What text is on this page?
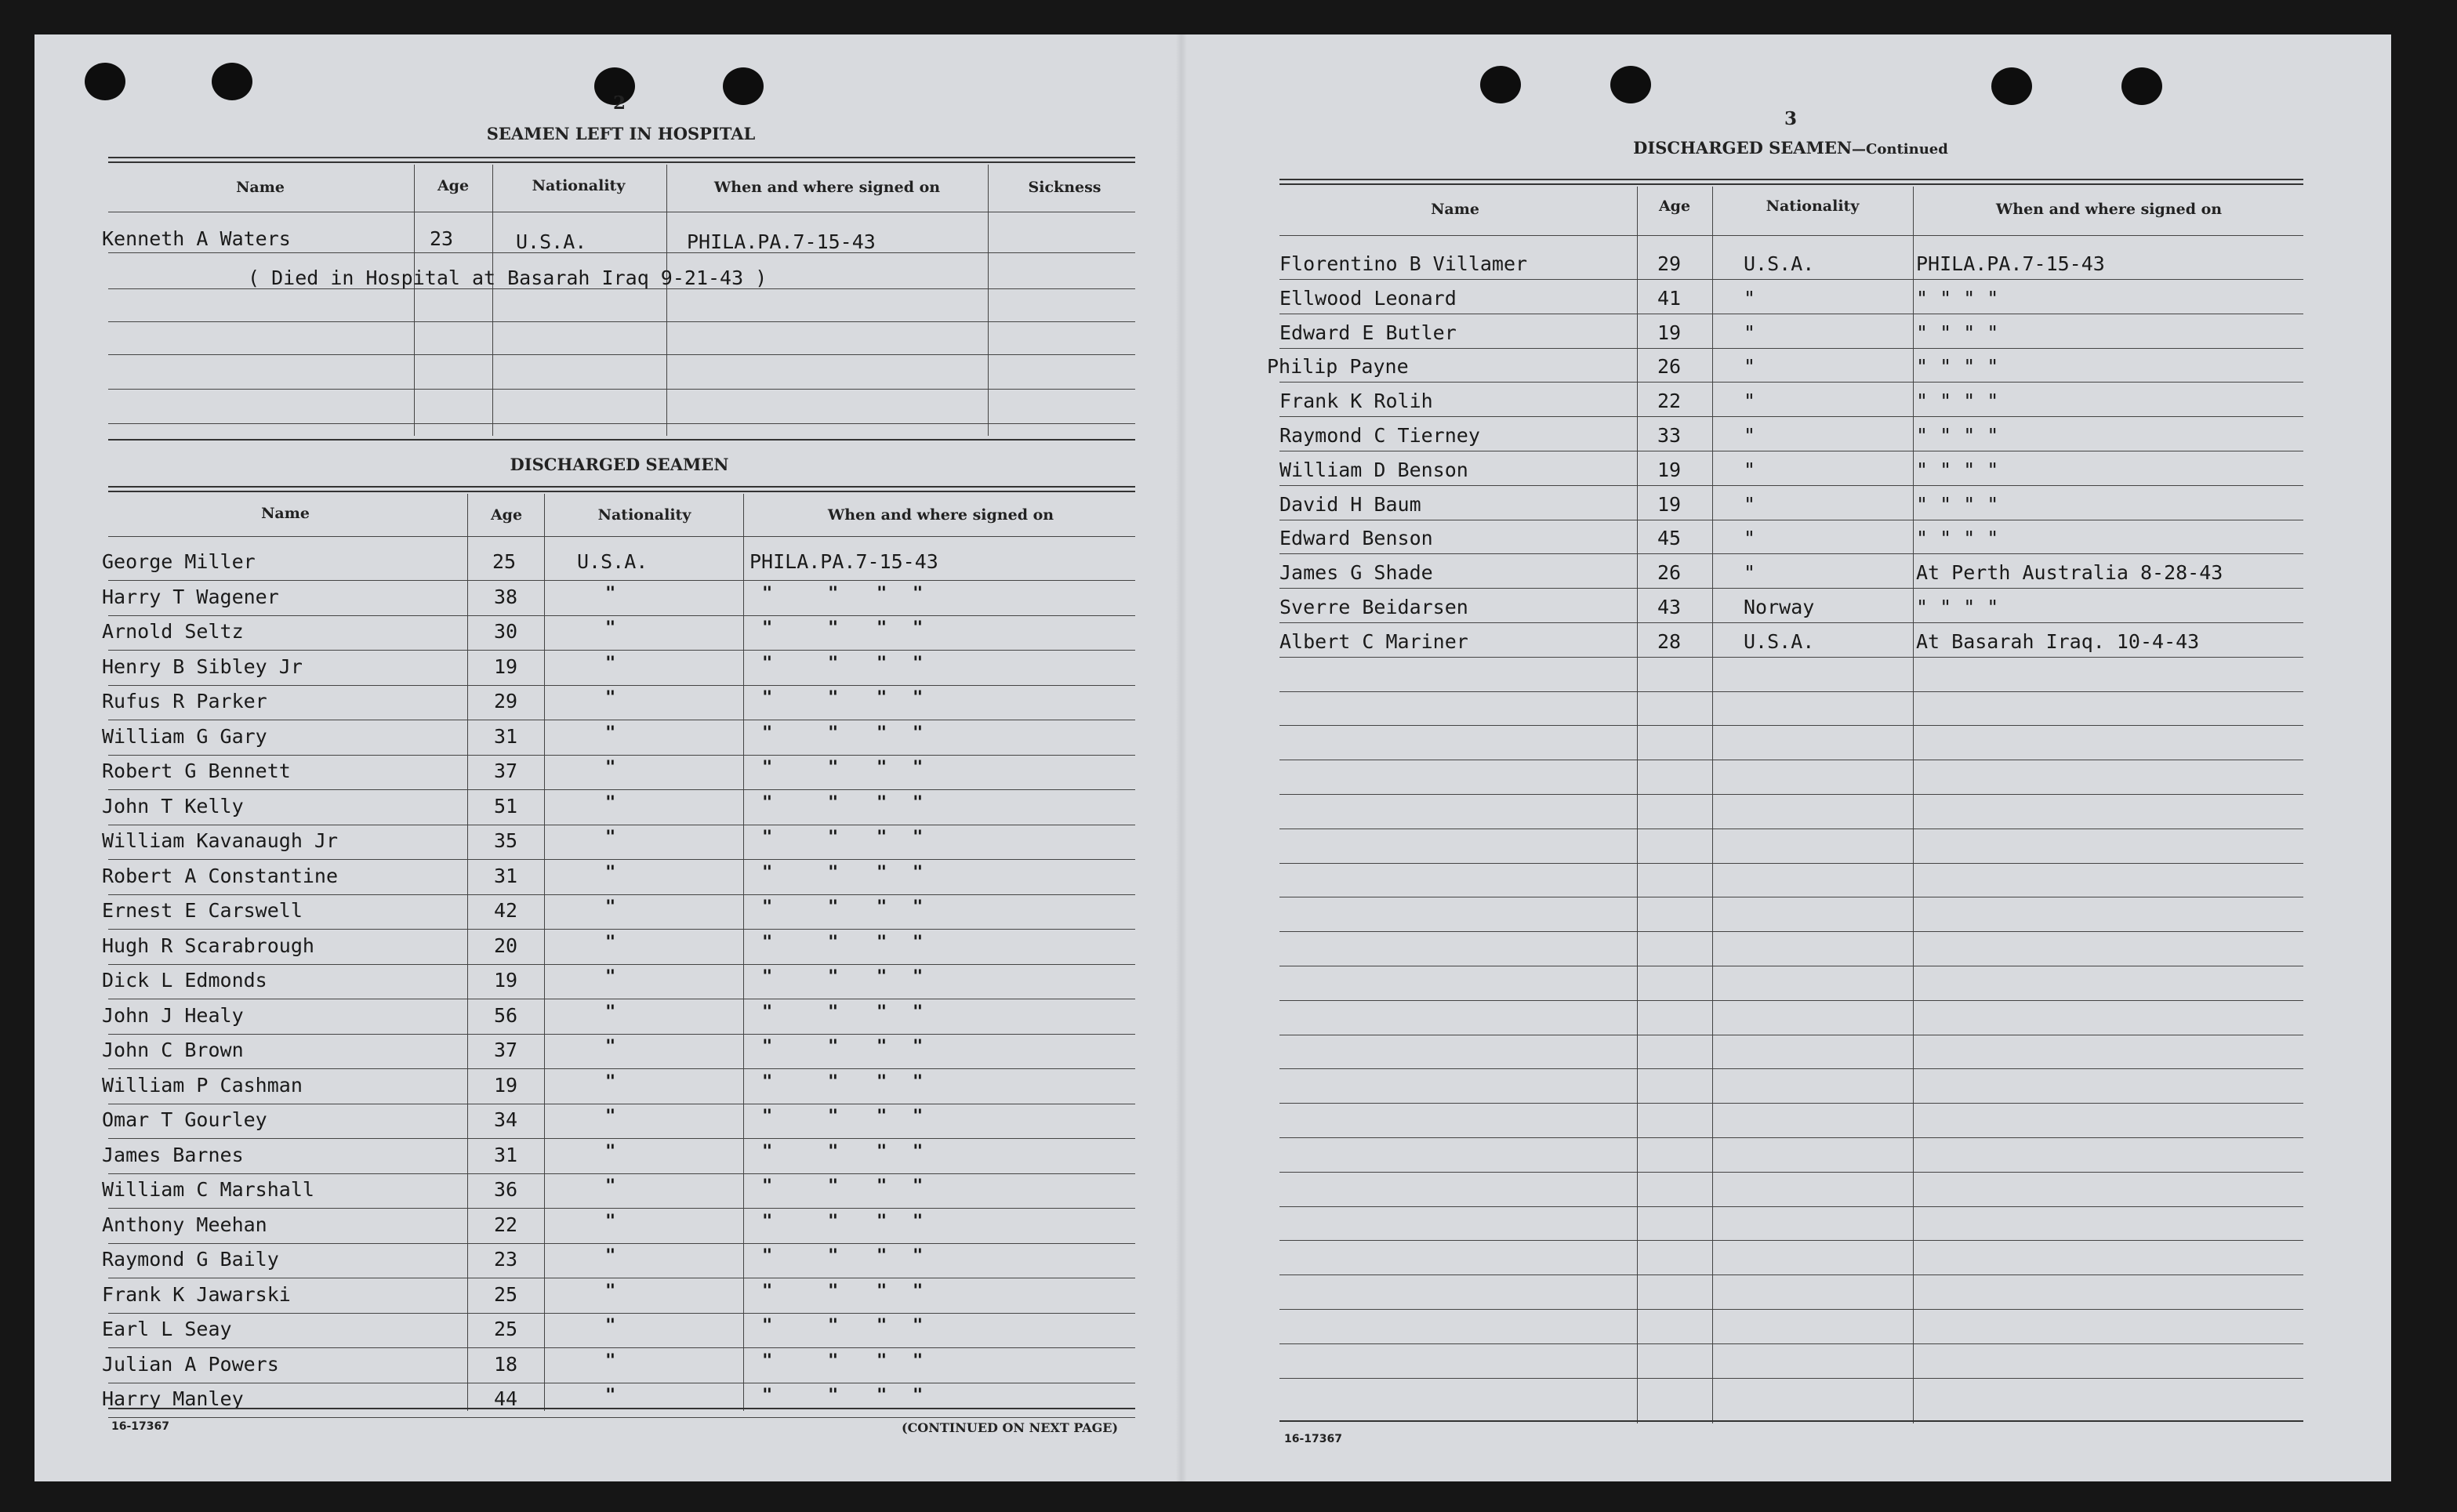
2
SEAMEN LEFT IN HOSPITAL
Name	Age	Nationality	When and where signed on	Sickness
Kenneth A Waters	23	U.S.A.	PHILA.PA.7-15-43
( Died in Hospital at Basarah Iraq 9-21-43 )
DISCHARGED SEAMEN
Name	Age	Nationality	When and where signed on
George Miller	25	U.S.A.	PHILA.PA.7-15-43
Harry T Wagener	38	"	"	" " "
Arnold Seltz	30	"	"	" " "
Henry B Sibley Jr	19	"	"	" " "
Rufus R Parker	29	"	"	" " "
William G Gary	31	"	"	" " "
Robert G Bennett	37	"	"	" " "
John T Kelly	51	"	"	" " "
William Kavanaugh Jr	35	"	"	" " "
Robert A Constantine	31	"	"	" " "
Ernest E Carswell	42	"	"	" " "
Hugh R Scarabrough	20	"	"	" " "
Dick L Edmonds	19	"	"	" " "
John J Healy	56	"	"	" " "
John C Brown	37	"	"	" " "
William P Cashman	19	"	"	" " "
Omar T Gourley	34	"	"	" " "
James Barnes	31	"	"	" " "
William C Marshall	36	"	"	" " "
Anthony Meehan	22	"	"	" " "
Raymond G Baily	23	"	"	" " "
Frank K Jawarski	25	"	"	" " "
Earl L Seay	25	"	"	" " "
Julian A Powers	18	"	"	" " "
Harry Manley	44	"	"	" " "
16-17367	(CONTINUED ON NEXT PAGE)
3
DISCHARGED SEAMEN—Continued
Name	Age	Nationality	When and where signed on
Florentino B Villamer	29	U.S.A.	PHILA.PA.7-15-43
Ellwood Leonard	41	"	" " " "
Edward E Butler	19	"	" " " "
Philip Payne	26	"	" " " "
Frank K Rolih	22	"	" " " "
Raymond C Tierney	33	"	" " " "
William D Benson	19	"	" " " "
David H Baum	19	"	" " " "
Edward Benson	45	"	" " " "
James G Shade	26	"	At Perth Australia 8-28-43
Sverre Beidarsen	43	Norway	" " " "
Albert C Mariner	28	U.S.A.	At Basarah Iraq. 10-4-43
16-17367
